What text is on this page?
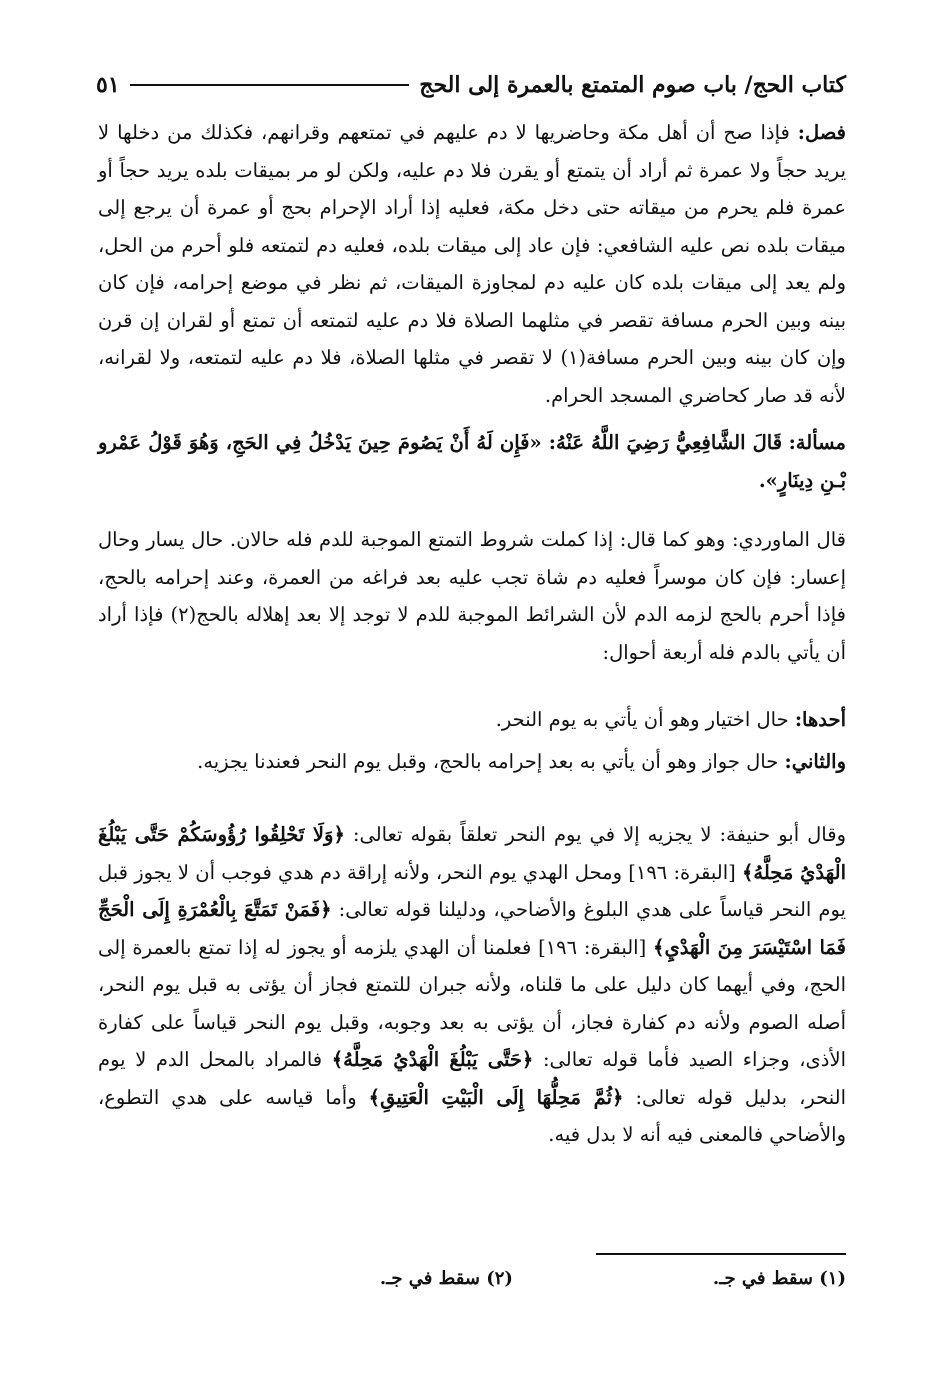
كتاب الحج/ باب صوم المتمتع بالعمرة إلى الحج
٥١

فصل: فإذا صح أن أهل مكة وحاضريها لا دم عليهم في تمتعهم وقرانهم، فكذلك من دخلها لا يريد حجاً ولا عمرة ثم أراد أن يتمتع أو يقرن فلا دم عليه، ولكن لو مر بميقات بلده يريد حجاً أو عمرة فلم يحرم من ميقاته حتى دخل مكة، فعليه إذا أراد الإحرام بحج أو عمرة أن يرجع إلى ميقات بلده نص عليه الشافعي: فإن عاد إلى ميقات بلده، فعليه دم لتمتعه فلو أحرم من الحل، ولم يعد إلى ميقات بلده كان عليه دم لمجاوزة الميقات، ثم نظر في موضع إحرامه، فإن كان بينه وبين الحرم مسافة تقصر في مثلهما الصلاة فلا دم عليه لتمتعه أن تمتع أو لقران إن قرن وإن كان بينه وبين الحرم مسافة(١) لا تقصر في مثلها الصلاة، فلا دم عليه لتمتعه، ولا لقرانه، لأنه قد صار كحاضري المسجد الحرام.

مسألة: قَالَ الشَّافِعِيُّ رَضِيَ اللَّهُ عَنْهُ: «فَإِن لَهُ أَنْ يَصُومَ حِينَ يَدْخُلُ فِي الحَجِ، وَهُوَ قَوْلُ عَمْرو بْـنِ دِينَارٍ».

قال الماوردي: وهو كما قال: إذا كملت شروط التمتع الموجبة للدم فله حالان. حال يسار وحال إعسار: فإن كان موسراً فعليه دم شاة تجب عليه بعد فراغه من العمرة، وعند إحرامه بالحج، فإذا أحرم بالحج لزمه الدم لأن الشرائط الموجبة للدم لا توجد إلا بعد إهلاله بالحج(٢) فإذا أراد أن يأتي بالدم فله أربعة أحوال:

أحدها: حال اختيار وهو أن يأتي به يوم النحر.

والثاني: حال جواز وهو أن يأتي به بعد إحرامه بالحج، وقبل يوم النحر فعندنا يجزيه.

وقال أبو حنيفة: لا يجزيه إلا في يوم النحر تعلقاً بقوله تعالى: ﴿وَلَا تَحْلِقُوا رُؤُوسَكُمْ حَتَّى يَبْلُغَ الْهَدْيُ مَحِلَّهُ﴾ [البقرة: ١٩٦] ومحل الهدي يوم النحر، ولأنه إراقة دم هدي فوجب أن لا يجوز قبل يوم النحر قياساً على هدي البلوغ والأضاحي، ودليلنا قوله تعالى: ﴿فَمَنْ تَمَتَّعَ بِالْعُمْرَةِ إِلَى الْحَجِّ فَمَا اسْتَيْسَرَ مِنَ الْهَدْيِ﴾ [البقرة: ١٩٦] فعلمنا أن الهدي يلزمه أو يجوز له إذا تمتع بالعمرة إلى الحج، وفي أيهما كان دليل على ما قلناه، ولأنه جبران للتمتع فجاز أن يؤتى به قبل يوم النحر، أصله الصوم ولأنه دم كفارة فجاز، أن يؤتى به بعد وجوبه، وقبل يوم النحر قياساً على كفارة الأذى، وجزاء الصيد فأما قوله تعالى: ﴿حَتَّى يَبْلُغَ الْهَدْيُ مَحِلَّهُ﴾ فالمراد بالمحل الدم لا يوم النحر، بدليل قوله تعالى: ﴿ثُمَّ مَحِلُّهَا إِلَى الْبَيْتِ الْعَتِيقِ﴾ وأما قياسه على هدي التطوع، والأضاحي فالمعنى فيه أنه لا بدل فيه.

(١) سقط في جـ.
(٢) سقط في جـ.
